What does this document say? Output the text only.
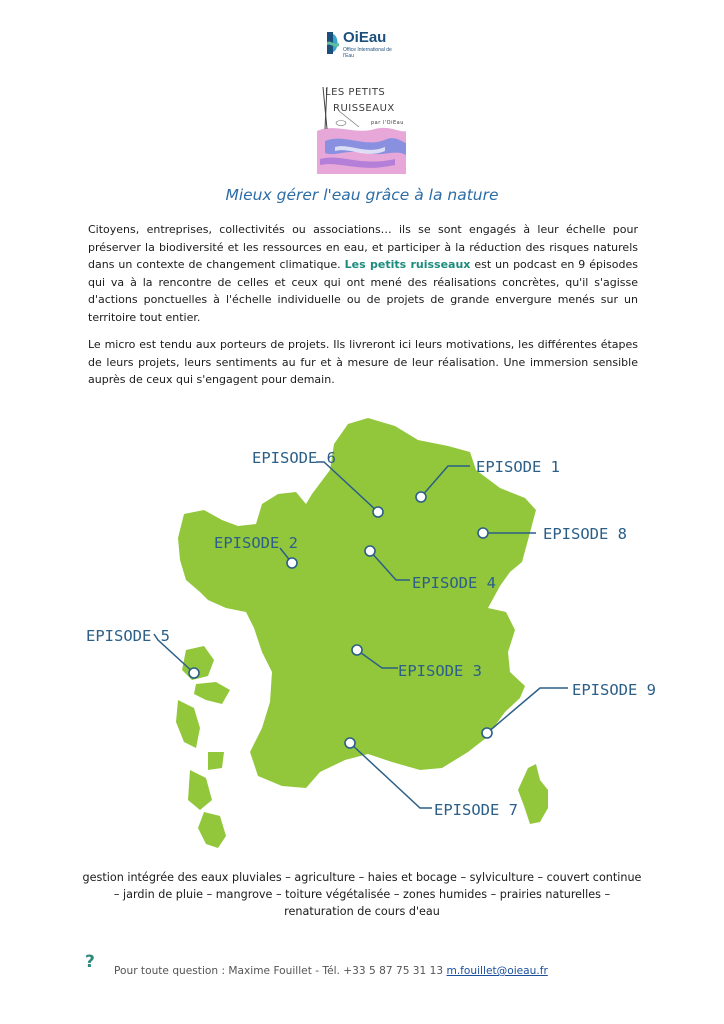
OiEau
Office International de l'Eau
LES PETITS
RUISSEAUX
par l'OiEau
Mieux gérer l'eau grâce à la nature

Citoyens, entreprises, collectivités ou associations… ils se sont engagés à leur échelle pour préserver la biodiversité et les ressources en eau, et participer à la réduction des risques naturels dans un contexte de changement climatique. Les petits ruisseaux est un podcast en 9 épisodes qui va à la rencontre de celles et ceux qui ont mené des réalisations concrètes, qu'il s'agisse d'actions ponctuelles à l'échelle individuelle ou de projets de grande envergure menés sur un territoire tout entier.

Le micro est tendu aux porteurs de projets. Ils livreront ici leurs motivations, les différentes étapes de leurs projets, leurs sentiments au fur et à mesure de leur réalisation. Une immersion sensible auprès de ceux qui s'engagent pour demain.

EPISODE 1
EPISODE 2
EPISODE 3
EPISODE 4
EPISODE 5
EPISODE 6
EPISODE 7
EPISODE 8
EPISODE 9

gestion intégrée des eaux pluviales – agriculture – haies et bocage – sylviculture – couvert continue – jardin de pluie – mangrove – toiture végétalisée – zones humides – prairies naturelles – renaturation de cours d'eau

? Pour toute question : Maxime Fouillet - Tél. +33 5 87 75 31 13 m.fouillet@oieau.fr
